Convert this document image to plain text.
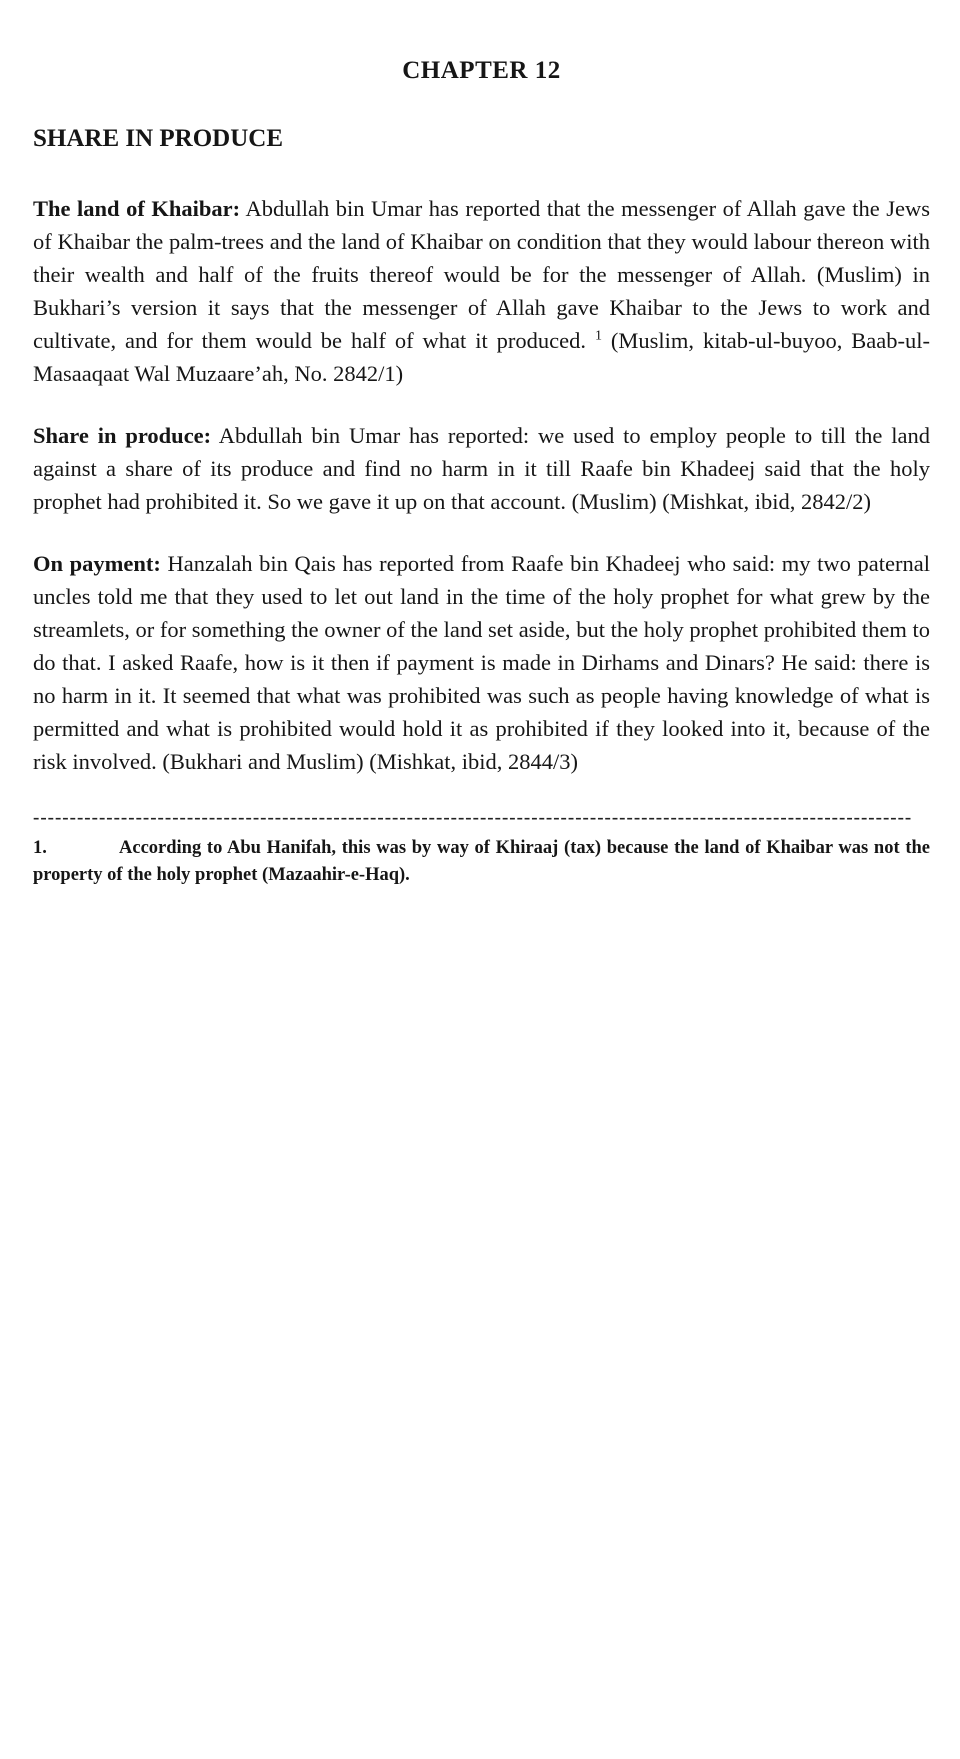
CHAPTER 12
SHARE IN PRODUCE

The land of Khaibar: Abdullah bin Umar has reported that the messenger of Allah gave the Jews of Khaibar the palm-trees and the land of Khaibar on condition that they would labour thereon with their wealth and half of the fruits thereof would be for the messenger of Allah. (Muslim) in Bukhari’s version it says that the messenger of Allah gave Khaibar to the Jews to work and cultivate, and for them would be half of what it produced. $^1$ (Muslim, kitab-ul-buyoo, Baab-ul-Masaaqaat Wal Muzaare’ah, No. 2842/1)

Share in produce: Abdullah bin Umar has reported: we used to employ people to till the land against a share of its produce and find no harm in it till Raafe bin Khadeej said that the holy prophet had prohibited it. So we gave it up on that account. (Muslim) (Mishkat, ibid, 2842/2)

On payment: Hanzalah bin Qais has reported from Raafe bin Khadeej who said: my two paternal uncles told me that they used to let out land in the time of the holy prophet for what grew by the streamlets, or for something the owner of the land set aside, but the holy prophet prohibited them to do that. I asked Raafe, how is it then if payment is made in Dirhams and Dinars? He said: there is no harm in it. It seemed that what was prohibited was such as people having knowledge of what is permitted and what is prohibited would hold it as prohibited if they looked into it, because of the risk involved. (Bukhari and Muslim) (Mishkat, ibid, 2844/3)

------------------------------------------------------------------------------------------------------------------------

1.	According to Abu Hanifah, this was by way of Khiraaj (tax) because the land of Khaibar was not the property of the holy prophet (Mazaahir-e-Haq).
